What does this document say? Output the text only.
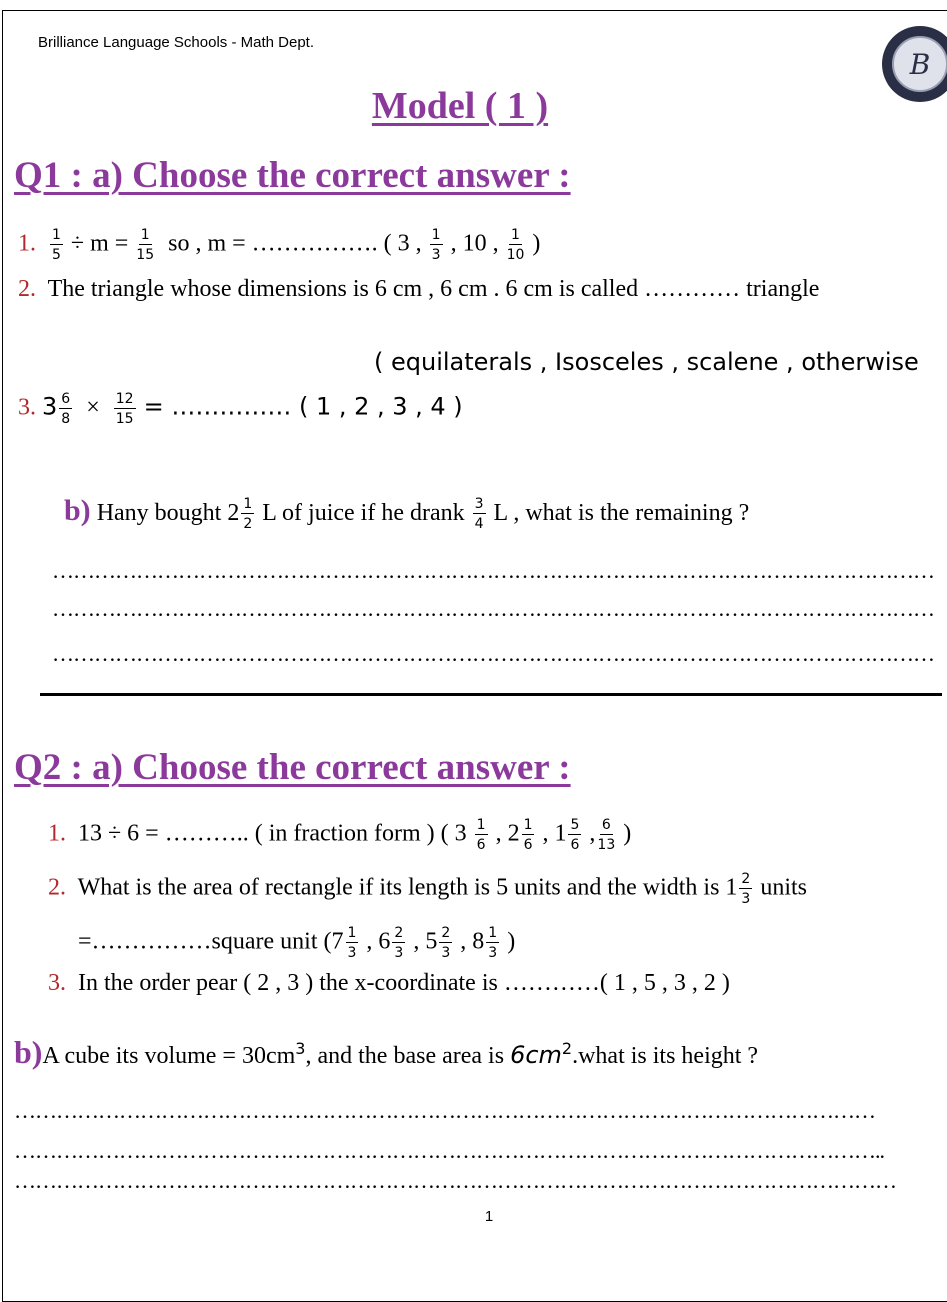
Brilliance Language Schools - Math Dept.
B
Model ( 1 )
Q1 : a) Choose the correct answer :
1. $\frac{1}{5} \div m = \frac{1}{15}$ so , m = ……………. ( 3 , $\frac{1}{3}$ , 10 , $\frac{1}{10}$ )
2. The triangle whose dimensions is 6 cm , 6 cm . 6 cm is called ………… triangle
( equilaterals , Isosceles , scalene , otherwise
3. $3 \frac{6}{8} \times \frac{12}{15}$ = …………… ( 1 , 2 , 3 , 4 )
b) Hany bought $2 \frac{1}{2}$ L of juice if he drank $\frac{3}{4}$ L , what is the remaining ?
………………………………………………………………………………………………………………
………………………………………………………………………………………………………………
………………………………………………………………………………………………………………
Q2 : a) Choose the correct answer :
1. 13 ÷ 6 = ……….. ( in fraction form ) ( $3 \frac{1}{6}$ , $2 \frac{1}{6}$ , $1 \frac{5}{6}$ , $\frac{6}{13}$ )
2. What is the area of rectangle if its length is 5 units and the width is $1 \frac{2}{3}$ units
=……………square unit ($7 \frac{1}{3}$ , $6 \frac{2}{3}$ , $5 \frac{2}{3}$ , $8 \frac{1}{3}$ )
3. In the order pear ( 2 , 3 ) the x-coordinate is …………( 1 , 5 , 3 , 2 )
b)A cube its volume = $30cm^3$, and the base area is $6cm^2.what$ is its height ?
……………………………………………………………………………………………………………
……………………………………………………………………………………………………………..
………………………………………………………………………………………………………………
1
